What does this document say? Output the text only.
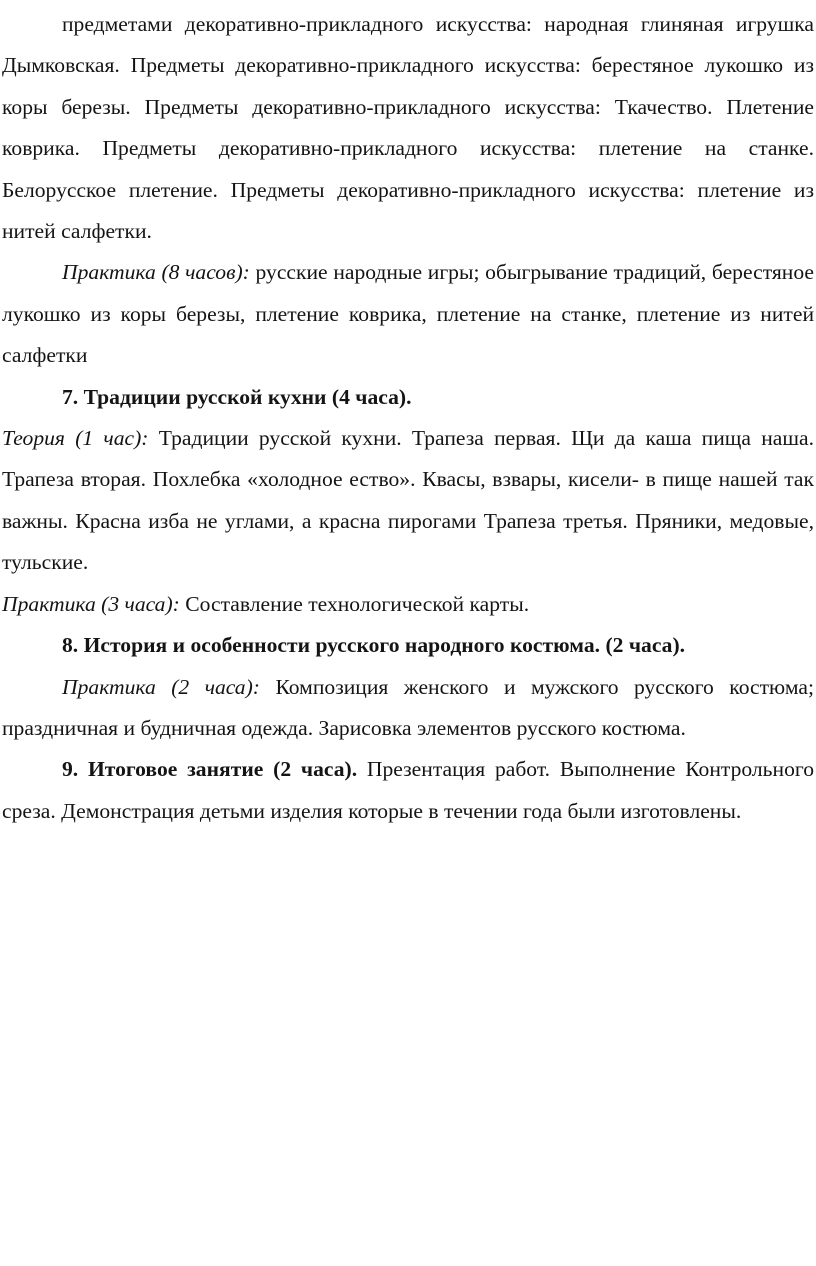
предметами декоративно-прикладного искусства: народная глиняная игрушка Дымковская. Предметы декоративно-прикладного искусства: берестяное лукошко из коры березы. Предметы декоративно-прикладного искусства: Ткачество. Плетение коврика. Предметы декоративно-прикладного искусства: плетение на станке. Белорусское плетение. Предметы декоративно-прикладного искусства: плетение из нитей салфетки.

Практика (8 часов): русские народные игры; обыгрывание традиций, берестяное лукошко из коры березы, плетение коврика, плетение на станке, плетение из нитей салфетки

7. Традиции русской кухни (4 часа).

Теория (1 час): Традиции русской кухни. Трапеза первая. Щи да каша пища наша. Трапеза вторая. Похлебка «холодное ество». Квасы, взвары, кисели- в пище нашей так важны. Красна изба не углами, а красна пирогами Трапеза третья. Пряники, медовые, тульские.

Практика (3 часа): Составление технологической карты.

8. История и особенности русского народного костюма. (2 часа).

Практика (2 часа): Композиция женского и мужского русского костюма; праздничная и будничная одежда. Зарисовка элементов русского костюма.

9. Итоговое занятие (2 часа). Презентация работ. Выполнение Контрольного среза. Демонстрация детьми изделия которые в течении года были изготовлены.
